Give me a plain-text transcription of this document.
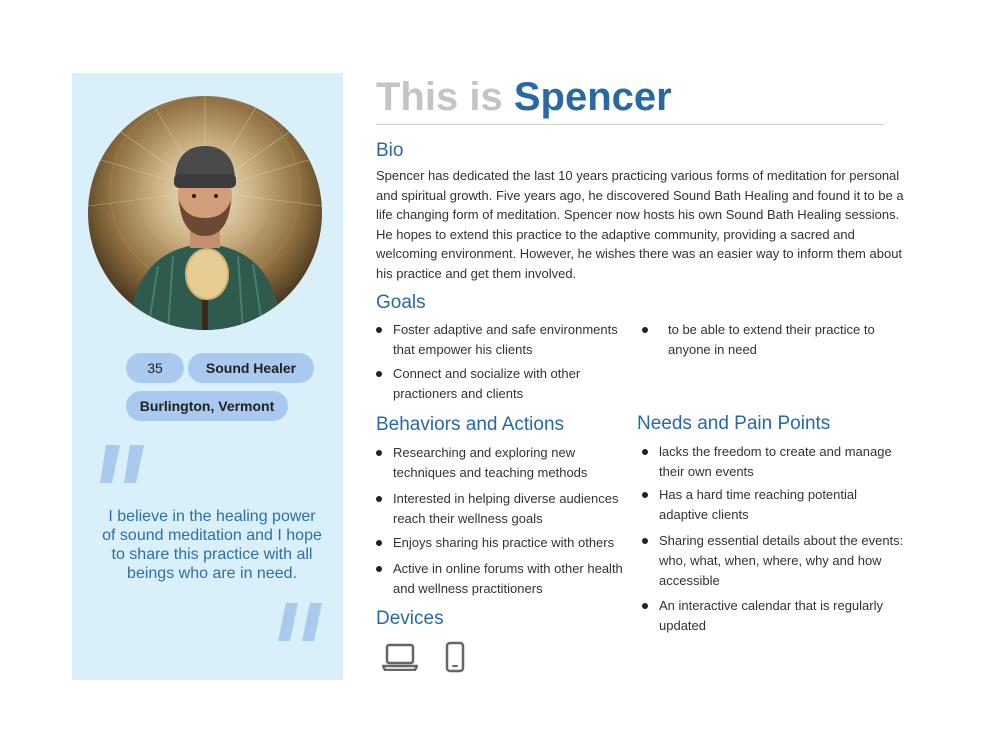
35	Sound Healer
Burlington, Vermont
I believe in the healing power of sound meditation and I hope to share this practice with all beings who are in need.
This is Spencer
Bio

Spencer has dedicated the last 10 years practicing various forms of meditation for personal and spiritual growth. Five years ago, he discovered Sound Bath Healing and found it to be a life changing form of meditation. Spencer now hosts his own Sound Bath Healing sessions. He hopes to extend this practice to the adaptive community, providing a sacred and welcoming environment. However, he wishes there was an easier way to inform them about his practice and get them involved.

Goals
Foster adaptive and safe environments that empower his clients
Connect and socialize with other practioners and clients
to be able to extend their practice to anyone in need
Behaviors and Actions
Researching and exploring new techniques and teaching methods
Interested in helping diverse audiences reach their wellness goals
Enjoys sharing his practice with others
Active in online forums with other health and wellness practitioners
Needs and Pain Points
lacks the freedom to create and manage their own events
Has a hard time reaching potential adaptive clients
Sharing essential details about the events: who, what, when, where, why and how accessible
An interactive calendar that is regularly updated
Devices
